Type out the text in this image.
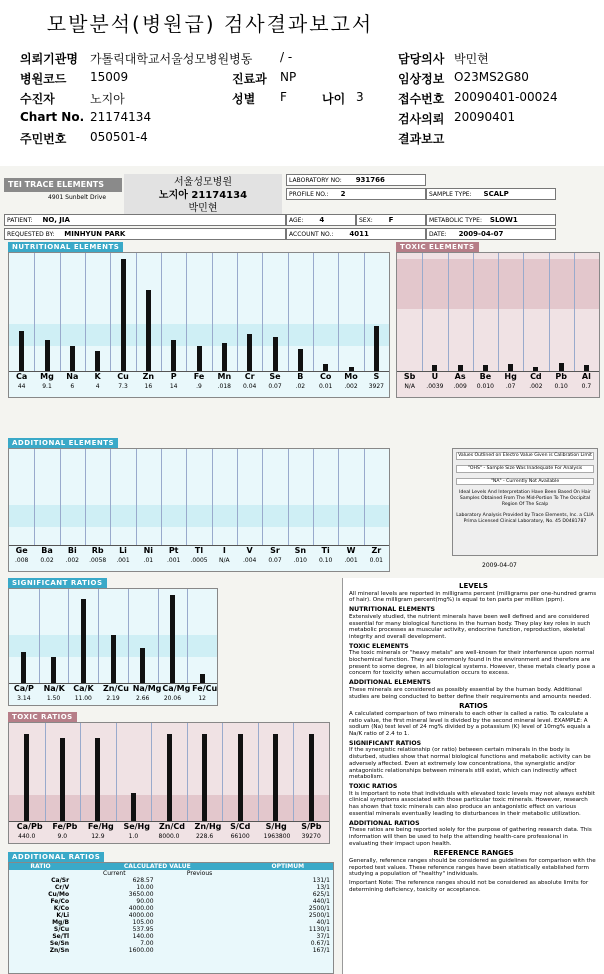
모발분석(병원급) 검사결과보고서
의뢰기관명 가톨릭대학교서울성모병원병동 / -	담당의사 박민현
병원코드 15009	진료과 NP	임상정보 O23MS2G80
수진자	노지아	성별 F	나이 3	접수번호 20090401-00024
Chart No. 21174134	검사의뢰 20090401
주민번호 050501-4	결과보고
TEI TRACE ELEMENTS
4901 Sunbelt Drive
서울성모병원
노지아 21174134
박민현
LABORATORY NO: 931766
PROFILE NO.: 2	SAMPLE TYPE: SCALP
PATIENT: NO, JIA	AGE: 4	SEX: F	METABOLIC TYPE: SLOW1
REQUESTED BY: MINHYUN PARK	ACCOUNT NO.: 4011	DATE: 2009-04-07
NUTRITIONAL ELEMENTS
Ca
44
Mg
9.1
Na
6
K
4
Cu
7.3
Zn
16
P
14
Fe
.9
Mn
.018
Cr
0.04
Se
0.07
B
.02
Co
0.01
Mo
.002
S
3927
TOXIC ELEMENTS
Sb
N/A
U
.0039
As
.009
Be
0.010
Hg
.07
Cd
.002
Pb
0.10
Al
0.7
ADDITIONAL ELEMENTS
Ge
.008
Ba
0.02
Bi
.002
Rb
.0058
Li
.001
Ni
.01
Pt
.001
Tl
.0005
I
N/A
V
.004
Sr
0.07
Sn
.010
Ti
0.10
W
.001
Zr
0.01
Values Outlined on Electro Value Given is Calibration Limit
"OHS" - Sample Size Was Inadequate For Analysis
"NA" - Currently Not Available
Ideal Levels And Interpretation Have Been Based On Hair Samples Obtained From The Mid-Portion To The Occipital Region Of The Scalp
Laboratory Analysis Provided by Trace Elements, Inc. a CLIA Prima Licensed Clinical Laboratory, No. 45 D0481787
2009-04-07
SIGNIFICANT RATIOS
Ca/P
3.14
Na/K
1.50
Ca/K
11.00
Zn/Cu
2.19
Na/Mg
2.66
Ca/Mg
20.06
Fe/Cu
12
TOXIC RATIOS
Ca/Pb
440.0
Fe/Pb
9.0
Fe/Hg
12.9
Se/Hg
1.0
Zn/Cd
8000.0
Zn/Hg
228.6
S/Cd
66100
S/Hg
1963800
S/Pb
39270
ADDITIONAL RATIOS
RATIO	CALCULATED VALUE		OPTIMUM
	Current	Previous	
Ca/Sr	628.57		131/1
Cr/V	10.00		13/1
Cu/Mo	3650.00		625/1
Fe/Co	90.00		440/1
K/Co	4000.00		2500/1
K/Li	4000.00		2500/1
Mg/B	105.00		40/1
S/Cu	537.95		1130/1
Se/Tl	140.00		37/1
Se/Sn	7.00		0.67/1
Zn/Sn	1600.00		167/1
LEVELS
All mineral levels are reported in milligrams percent (milligrams per one-hundred grams of hair). One milligram percent(mg%) is equal to ten parts per million (ppm).
NUTRITIONAL ELEMENTS
Extensively studied, the nutrient minerals have been well defined and are considered essential for many biological functions in the human body. They play key roles in such metabolic processes as muscular activity, endocrine function, reproduction, skeletal integrity and overall development.
TOXIC ELEMENTS
The toxic minerals or "heavy metals" are well-known for their interference upon normal biochemical function. They are commonly found in the environment and therefore are present to some degree, in all biological systems. However, these metals clearly pose a concern for toxicity when accumulation occurs to excess.
ADDITIONAL ELEMENTS
These minerals are considered as possibly essential by the human body. Additional studies are being conducted to better define their requirements and amounts needed.
RATIOS
A calculated comparison of two minerals to each other is called a ratio. To calculate a ratio value, the first mineral level is divided by the second mineral level. EXAMPLE: A sodium (Na) test level of 24 mg% divided by a potassium (K) level of 10mg% equals a Na/K ratio of 2.4 to 1.
SIGNIFICANT RATIOS
If the synergistic relationship (or ratio) between certain minerals in the body is disturbed, studies show that normal biological functions and metabolic activity can be adversely affected. Even at extremely low concentrations, the synergistic and/or antagonistic relationships between minerals still exist, which can indirectly affect metabolism.
TOXIC RATIOS
It is important to note that individuals with elevated toxic levels may not always exhibit clinical symptoms associated with those particular toxic minerals. However, research has shown that toxic minerals can also produce an antagonistic effect on various essential minerals eventually leading to disturbances in their metabolic utilization.
ADDITIONAL RATIOS
These ratios are being reported solely for the purpose of gathering research data. This information will then be used to help the attending health-care professional in evaluating their impact upon health.
REFERENCE RANGES
Generally, reference ranges should be considered as guidelines for comparison with the reported test values. These reference ranges have been statistically established form studying a population of "healthy" individuals.
Important Note: The reference ranges should not be considered as absolute limits for determining deficiency, toxicity or acceptance.
